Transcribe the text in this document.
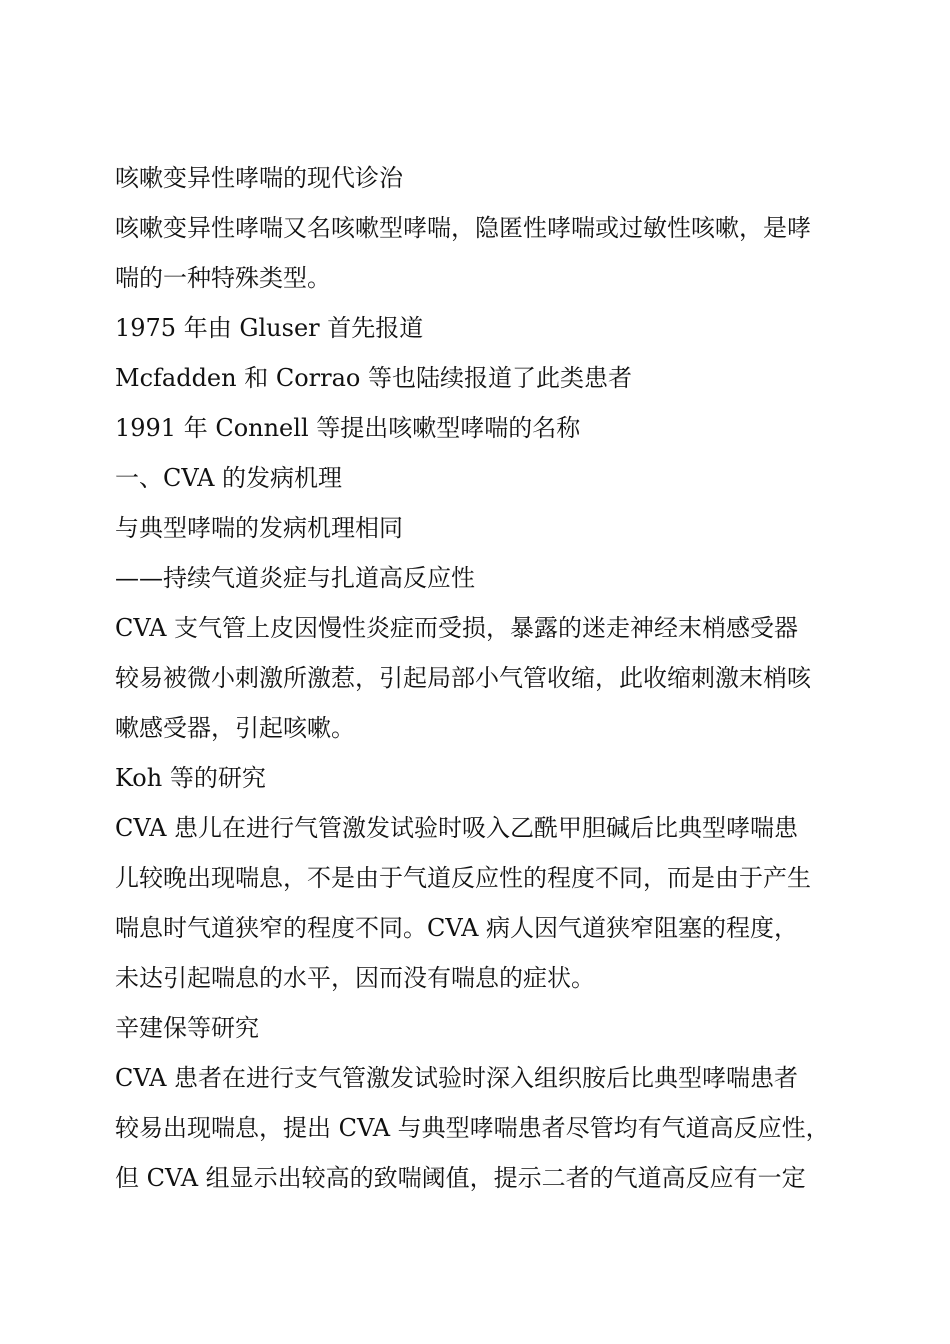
咳嗽变异性哮喘的现代诊治
咳嗽变异性哮喘又名咳嗽型哮喘，隐匿性哮喘或过敏性咳嗽，是哮
喘的一种特殊类型。
1975 年由 Gluser 首先报道
Mcfadden 和 Corrao 等也陆续报道了此类患者
1991 年 Connell 等提出咳嗽型哮喘的名称
一、CVA 的发病机理
与典型哮喘的发病机理相同
——持续气道炎症与扎道高反应性
CVA 支气管上皮因慢性炎症而受损，暴露的迷走神经末梢感受器
较易被微小刺激所激惹，引起局部小气管收缩，此收缩刺激末梢咳
嗽感受器，引起咳嗽。
Koh 等的研究
CVA 患儿在进行气管激发试验时吸入乙酰甲胆碱后比典型哮喘患
儿较晚出现喘息，不是由于气道反应性的程度不同，而是由于产生
喘息时气道狭窄的程度不同。CVA 病人因气道狭窄阻塞的程度，
未达引起喘息的水平，因而没有喘息的症状。
辛建保等研究
CVA 患者在进行支气管激发试验时深入组织胺后比典型哮喘患者
较易出现喘息，提出 CVA 与典型哮喘患者尽管均有气道高反应性，
但 CVA 组显示出较高的致喘阈值，提示二者的气道高反应有一定
